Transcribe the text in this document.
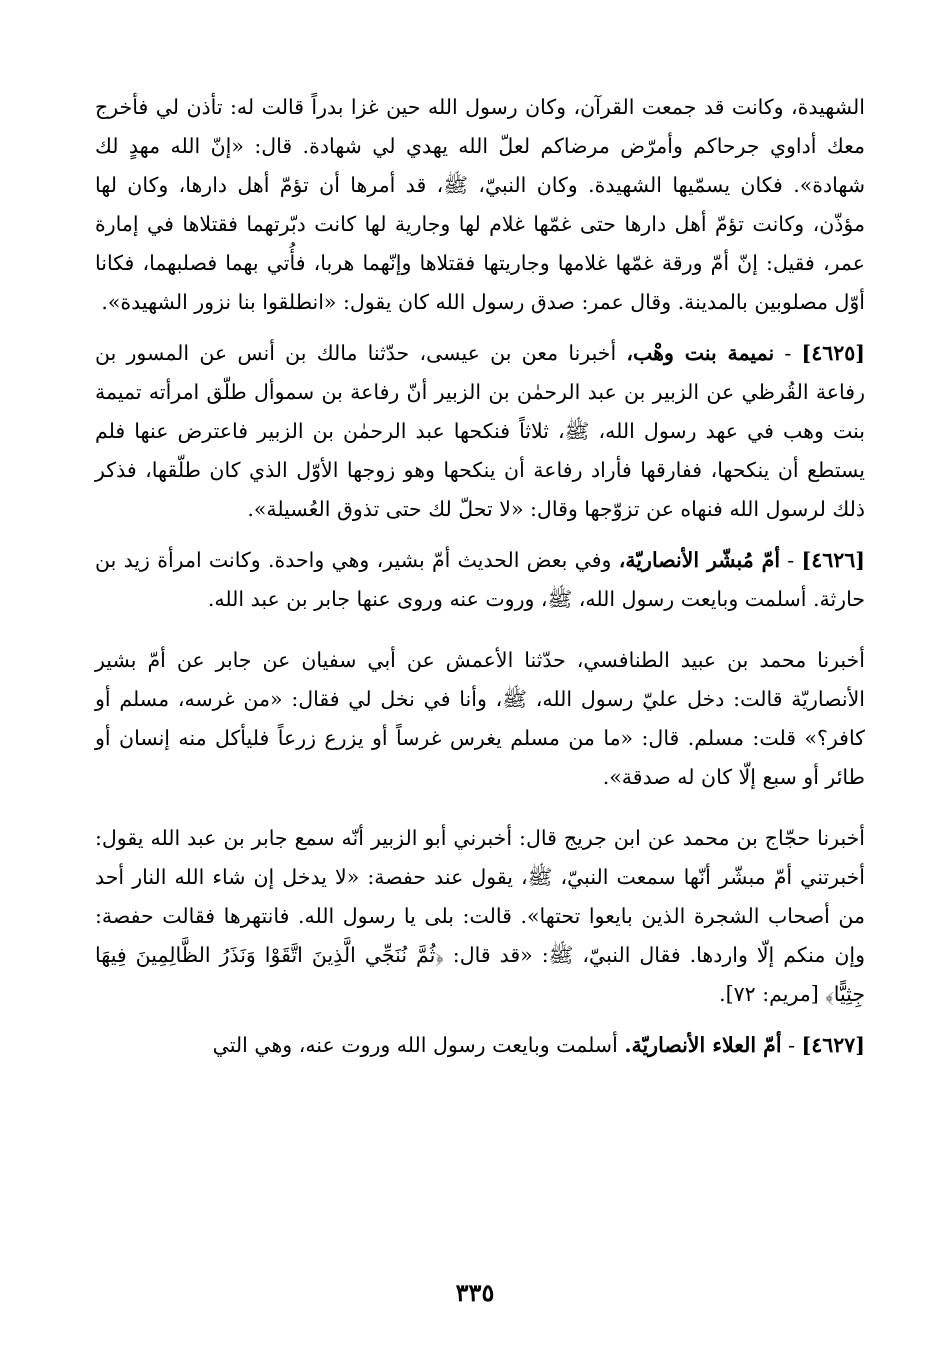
الشهيدة، وكانت قد جمعت القرآن، وكان رسول الله حين غزا بدراً قالت له: تأذن لي فأخرج معك أداوي جرحاكم وأمرّض مرضاكم لعلّ الله يهدي لي شهادة. قال: «إنّ الله مهدٍ لك شهادة». فكان يسمّيها الشهيدة. وكان النبيّ، ﷺ، قد أمرها أن تؤمّ أهل دارها، وكان لها مؤذّن، وكانت تؤمّ أهل دارها حتى غمّها غلام لها وجارية لها كانت دبّرتهما فقتلاها في إمارة عمر، فقيل: إنّ أمّ ورقة غمّها غلامها وجاريتها فقتلاها وإنّهما هربا، فأُتي بهما فصلبهما، فكانا أوّل مصلوبين بالمدينة. وقال عمر: صدق رسول الله كان يقول: «انطلقوا بنا نزور الشهيدة».

[٤٦٢٥] - نميمة بنت وهْب، أخبرنا معن بن عيسى، حدّثنا مالك بن أنس عن المسور بن رفاعة القُرظي عن الزبير بن عبد الرحمٰن بن الزبير أنّ رفاعة بن سموأل طلّق امرأته تميمة بنت وهب في عهد رسول الله، ﷺ، ثلاثاً فنكحها عبد الرحمٰن بن الزبير فاعترض عنها فلم يستطع أن ينكحها، ففارقها فأراد رفاعة أن ينكحها وهو زوجها الأوّل الذي كان طلّقها، فذكر ذلك لرسول الله فنهاه عن تزوّجها وقال: «لا تحلّ لك حتى تذوق العُسيلة».

[٤٦٢٦] - أمّ مُبشّر الأنصاريّة، وفي بعض الحديث أمّ بشير، وهي واحدة. وكانت امرأة زيد بن حارثة. أسلمت وبايعت رسول الله، ﷺ، وروت عنه وروى عنها جابر بن عبد الله.

أخبرنا محمد بن عبيد الطنافسي، حدّثنا الأعمش عن أبي سفيان عن جابر عن أمّ بشير الأنصاريّة قالت: دخل عليّ رسول الله، ﷺ، وأنا في نخل لي فقال: «من غرسه، مسلم أو كافر؟» قلت: مسلم. قال: «ما من مسلم يغرس غرساً أو يزرع زرعاً فليأكل منه إنسان أو طائر أو سبع إلّا كان له صدقة».

أخبرنا حجّاج بن محمد عن ابن جريج قال: أخبرني أبو الزبير أنّه سمع جابر بن عبد الله يقول: أخبرتني أمّ مبشّر أنّها سمعت النبيّ، ﷺ، يقول عند حفصة: «لا يدخل إن شاء الله النار أحد من أصحاب الشجرة الذين بايعوا تحتها». قالت: بلى يا رسول الله. فانتهرها فقالت حفصة: وإن منكم إلّا واردها. فقال النبيّ، ﷺ: «قد قال: ﴿ثُمَّ نُنَجِّي الَّذِينَ اتَّقَوْا وَنَذَرُ الظَّالِمِينَ فِيهَا جِثِيًّا﴾ [مريم: ٧٢].

[٤٦٢٧] - أمّ العلاء الأنصاريّة. أسلمت وبايعت رسول الله وروت عنه، وهي التي

٣٣٥
